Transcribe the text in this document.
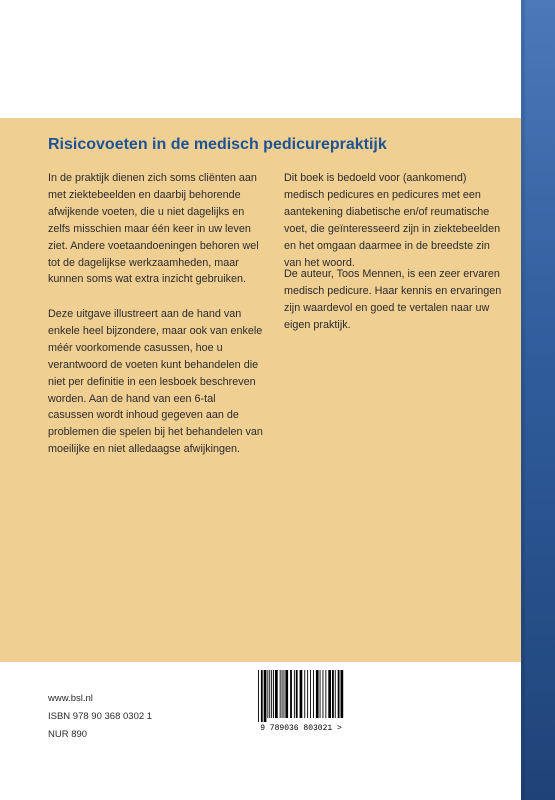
Risicovoeten in de medisch pedicurepraktijk

In de praktijk dienen zich soms cliënten aan met ziektebeelden en daarbij behorende afwijkende voeten, die u niet dagelijks en zelfs misschien maar één keer in uw leven ziet. Andere voetaandoeningen behoren wel tot de dagelijkse werkzaamheden, maar kunnen soms wat extra inzicht gebruiken.

Deze uitgave illustreert aan de hand van enkele heel bijzondere, maar ook van enkele méér voorkomende casussen, hoe u verantwoord de voeten kunt behandelen die niet per definitie in een lesboek beschreven worden. Aan de hand van een 6-tal casussen wordt inhoud gegeven aan de problemen die spelen bij het behandelen van moeilijke en niet alledaagse afwijkingen.

Dit boek is bedoeld voor (aankomend) medisch pedicures en pedicures met een aantekening diabetische en/of reumatische voet, die geïnteresseerd zijn in ziektebeelden en het omgaan daarmee in de breedste zin van het woord.

De auteur, Toos Mennen, is een zeer ervaren medisch pedicure. Haar kennis en ervaringen zijn waardevol en goed te vertalen naar uw eigen praktijk.

www.bsl.nl
ISBN 978 90 368 0302 1
NUR 890
9 789036 803021 >
